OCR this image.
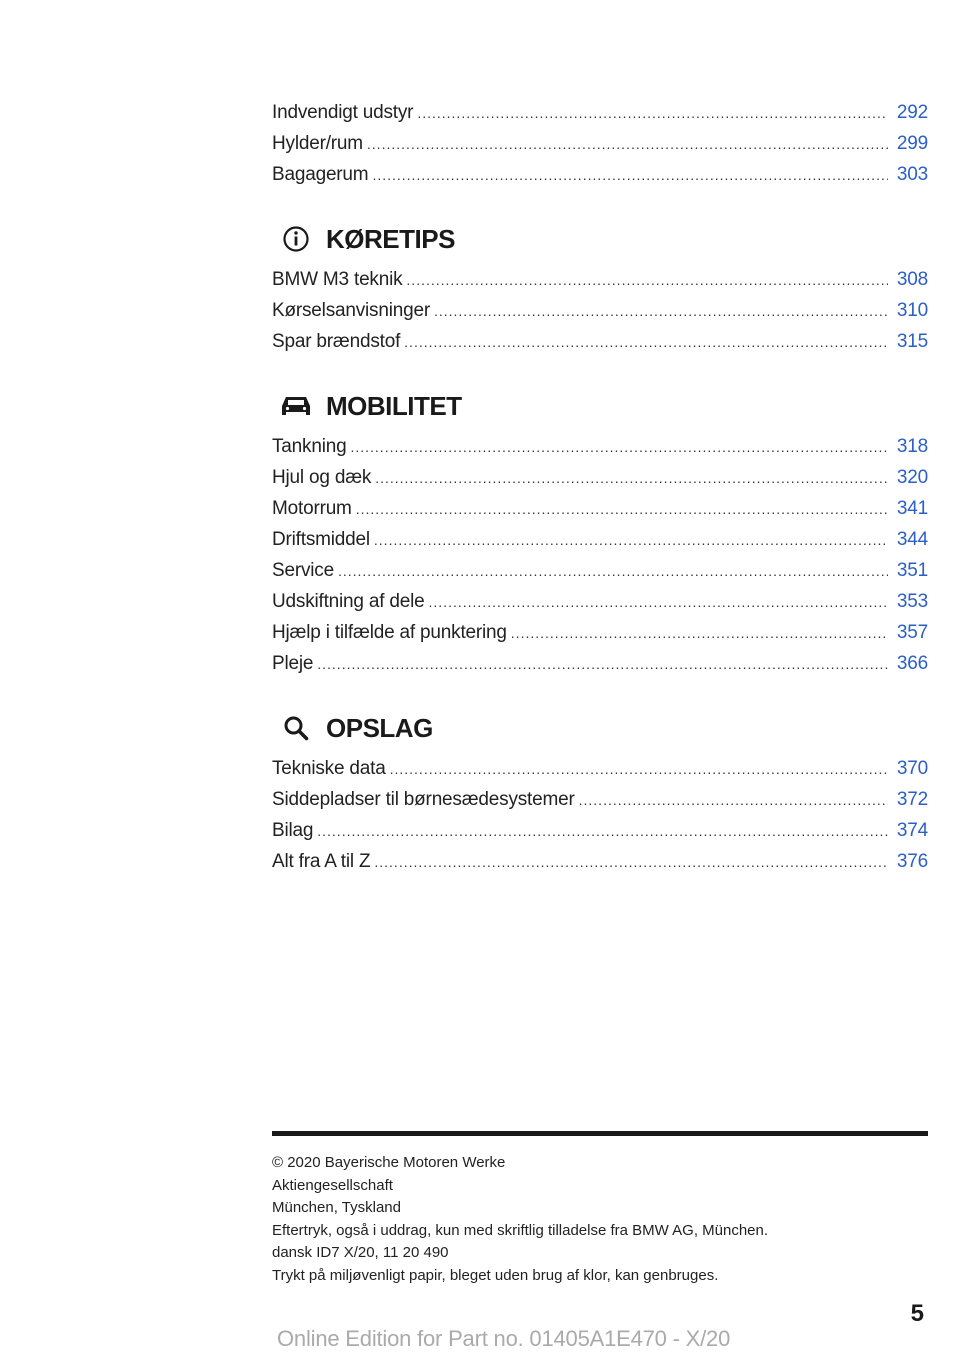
Indvendigt udstyr .....	292
Hylder/rum .....	299
Bagagerum .....	303
KØRETIPS
BMW M3 teknik .....	308
Kørselsanvisninger .....	310
Spar brændstof .....	315
MOBILITET
Tankning .....	318
Hjul og dæk .....	320
Motorrum .....	341
Driftsmiddel .....	344
Service .....	351
Udskiftning af dele .....	353
Hjælp i tilfælde af punktering .....	357
Pleje .....	366
OPSLAG
Tekniske data .....	370
Siddepladser til børnesædesystemer .....	372
Bilag .....	374
Alt fra A til Z .....	376
© 2020 Bayerische Motoren Werke
Aktiengesellschaft
München, Tyskland
Eftertryk, også i uddrag, kun med skriftlig tilladelse fra BMW AG, München.
dansk ID7 X/20, 11 20 490
Trykt på miljøvenligt papir, bleget uden brug af klor, kan genbruges.
5
Online Edition for Part no. 01405A1E470 - X/20
